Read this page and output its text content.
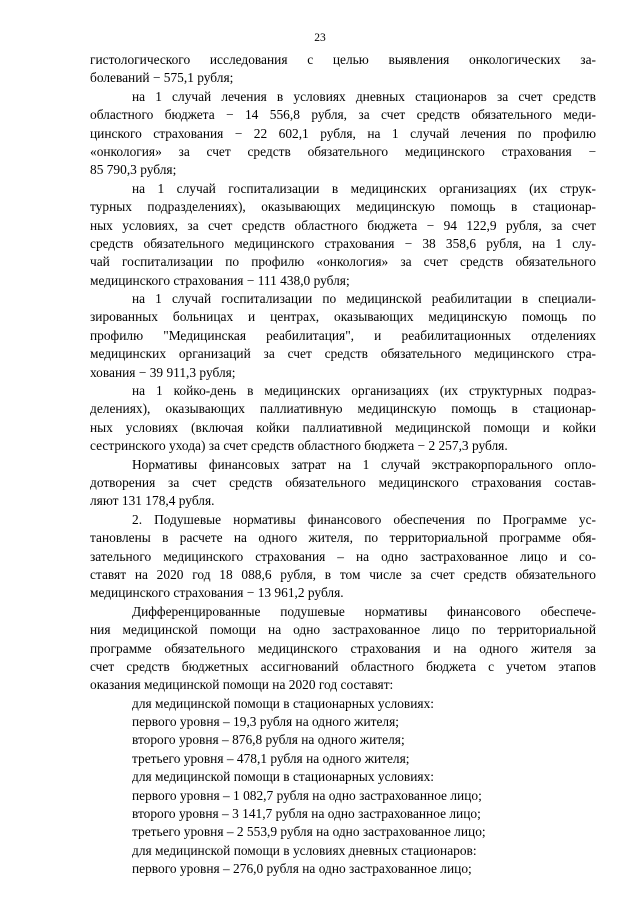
23
гистологического исследования с целью выявления онкологических за-
болеваний − 575,1 рубля;
на 1 случай лечения в условиях дневных стационаров за счет средств
областного бюджета − 14 556,8 рубля, за счет средств обязательного меди-
цинского страхования − 22 602,1 рубля, на 1 случай лечения по профилю
«онкология» за счет средств обязательного медицинского страхования −
85 790,3 рубля;
на 1 случай госпитализации в медицинских организациях (их струк-
турных подразделениях), оказывающих медицинскую помощь в стационар-
ных условиях, за счет средств областного бюджета − 94 122,9 рубля, за счет
средств обязательного медицинского страхования − 38 358,6 рубля, на 1 слу-
чай госпитализации по профилю «онкология» за счет средств обязательного
медицинского страхования − 111 438,0 рубля;
на 1 случай госпитализации по медицинской реабилитации в специали-
зированных больницах и центрах, оказывающих медицинскую помощь по
профилю "Медицинская реабилитация", и реабилитационных отделениях
медицинских организаций за счет средств обязательного медицинского стра-
хования − 39 911,3 рубля;
на 1 койко-день в медицинских организациях (их структурных подраз-
делениях), оказывающих паллиативную медицинскую помощь в стационар-
ных условиях (включая койки паллиативной медицинской помощи и койки
сестринского ухода) за счет средств областного бюджета − 2 257,3 рубля.
Нормативы финансовых затрат на 1 случай экстракорпорального опло-
дотворения за счет средств обязательного медицинского страхования состав-
ляют 131 178,4 рубля.
2. Подушевые нормативы финансового обеспечения по Программе ус-
тановлены в расчете на одного жителя, по территориальной программе обя-
зательного медицинского страхования – на одно застрахованное лицо и со-
ставят на 2020 год 18 088,6 рубля, в том числе за счет средств обязательного
медицинского страхования − 13 961,2 рубля.
Дифференцированные подушевые нормативы финансового обеспече-
ния медицинской помощи на одно застрахованное лицо по территориальной
программе обязательного медицинского страхования и на одного жителя за
счет средств бюджетных ассигнований областного бюджета с учетом этапов
оказания медицинской помощи на 2020 год составят:
для медицинской помощи в стационарных условиях:
первого уровня – 19,3 рубля на одного жителя;
второго уровня – 876,8 рубля на одного жителя;
третьего уровня – 478,1 рубля на одного жителя;
для медицинской помощи в стационарных условиях:
первого уровня – 1 082,7 рубля на одно застрахованное лицо;
второго уровня – 3 141,7 рубля на одно застрахованное лицо;
третьего уровня – 2 553,9 рубля на одно застрахованное лицо;
для медицинской помощи в условиях дневных стационаров:
первого уровня – 276,0 рубля на одно застрахованное лицо;
